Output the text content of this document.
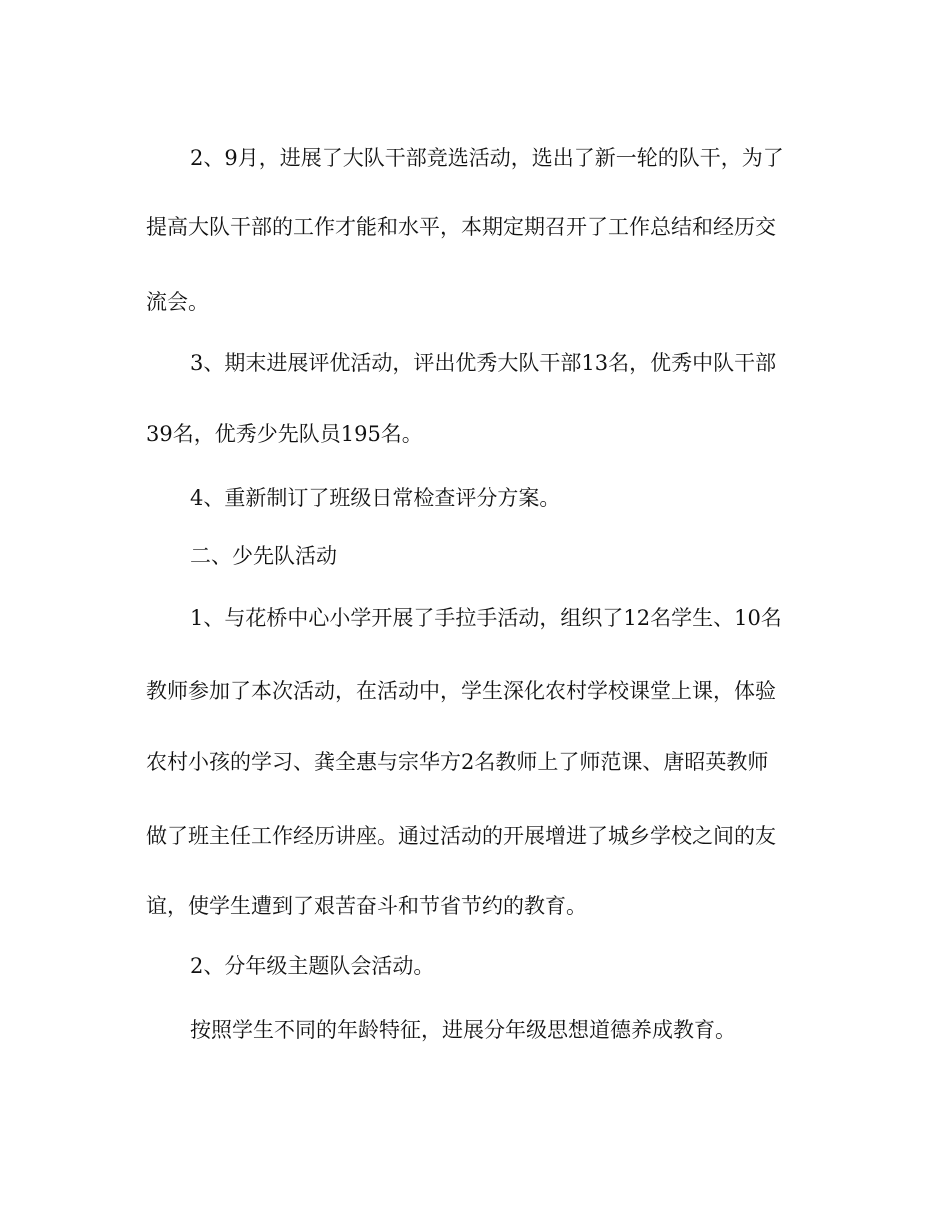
2、9月，进展了大队干部竞选活动，选出了新一轮的队干，为了
提高大队干部的工作才能和水平，本期定期召开了工作总结和经历交
流会。
3、期末进展评优活动，评出优秀大队干部13名，优秀中队干部
39名，优秀少先队员195名。
4、重新制订了班级日常检查评分方案。
二、少先队活动
1、与花桥中心小学开展了手拉手活动，组织了12名学生、10名
教师参加了本次活动，在活动中，学生深化农村学校课堂上课，体验
农村小孩的学习、龚全惠与宗华方2名教师上了师范课、唐昭英教师
做了班主任工作经历讲座。通过活动的开展增进了城乡学校之间的友
谊，使学生遭到了艰苦奋斗和节省节约的教育。
2、分年级主题队会活动。
按照学生不同的年龄特征，进展分年级思想道德养成教育。
